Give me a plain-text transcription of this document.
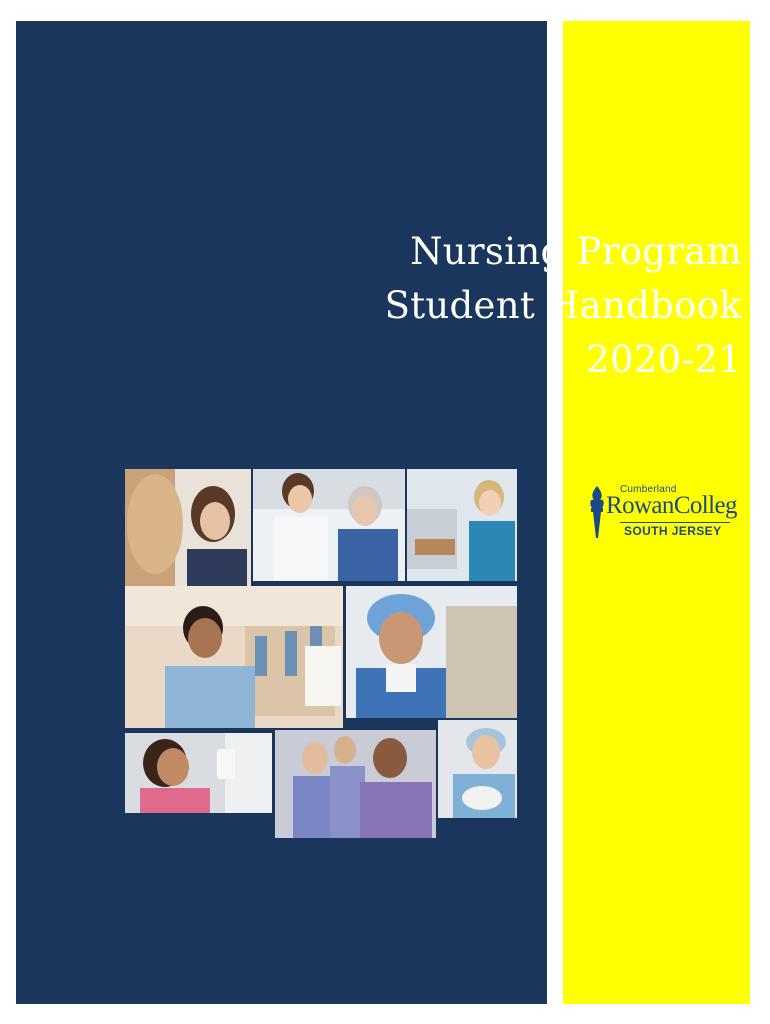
Nursing Program
Student Handbook
2020-21
Cumberland
RowanColleg
SOUTH JERSEY
